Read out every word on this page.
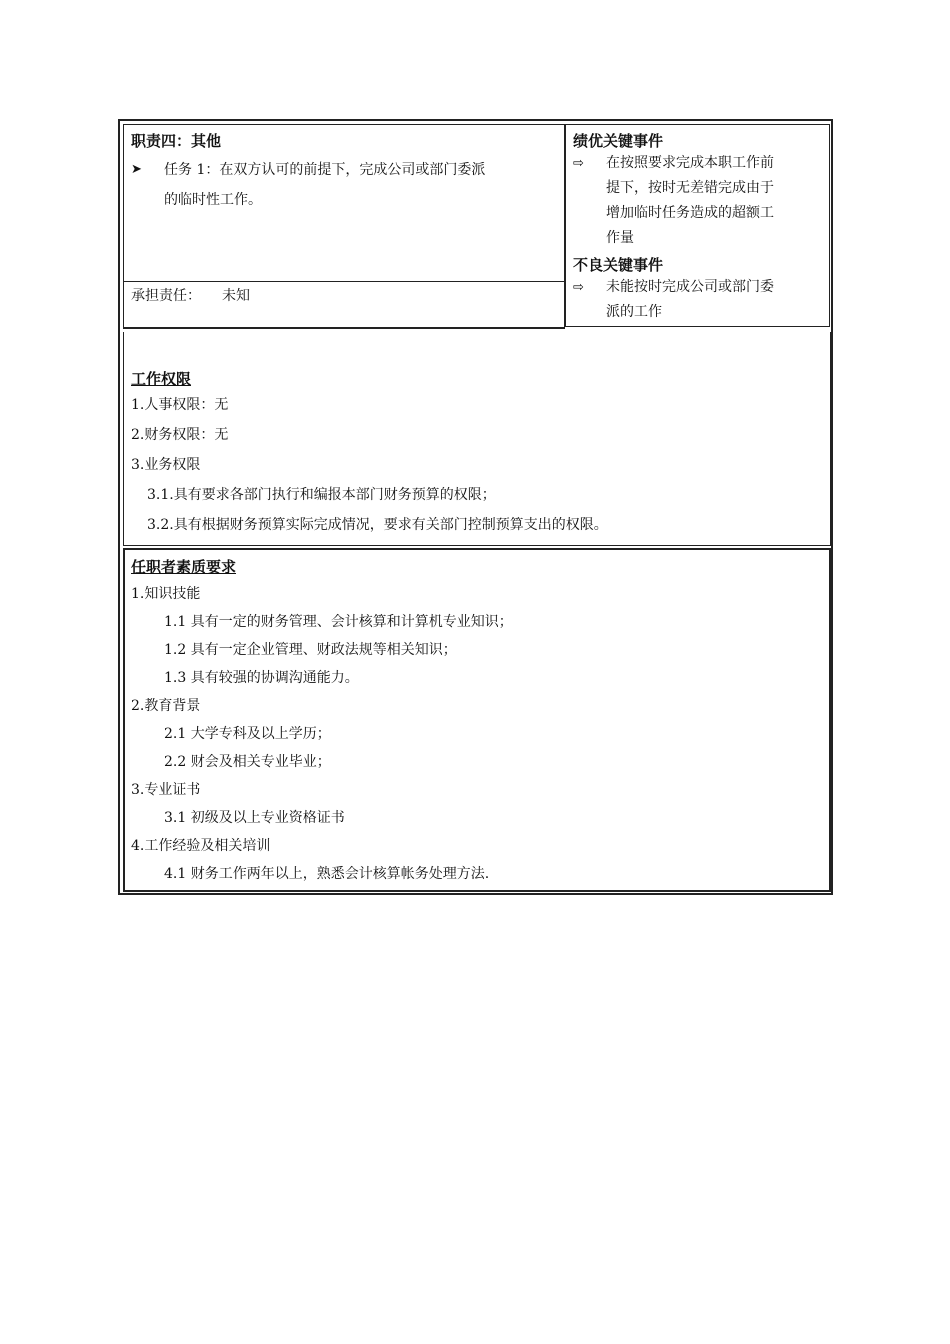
职责四：其他
➤ 任务 1：在双方认可的前提下，完成公司或部门委派
的临时性工作。
承担责任： 未知
绩优关键事件
⇨ 在按照要求完成本职工作前
提下，按时无差错完成由于
增加临时任务造成的超额工
作量
不良关键事件
⇨ 未能按时完成公司或部门委
派的工作
工作权限
1.人事权限：无
2.财务权限：无
3.业务权限
3.1.具有要求各部门执行和编报本部门财务预算的权限；
3.2.具有根据财务预算实际完成情况，要求有关部门控制预算支出的权限。
任职者素质要求
1.知识技能
1.1 具有一定的财务管理、会计核算和计算机专业知识；
1.2 具有一定企业管理、财政法规等相关知识；
1.3 具有较强的协调沟通能力。
2.教育背景
2.1 大学专科及以上学历；
2.2 财会及相关专业毕业；
3.专业证书
3.1 初级及以上专业资格证书
4.工作经验及相关培训
4.1 财务工作两年以上，熟悉会计核算帐务处理方法.
